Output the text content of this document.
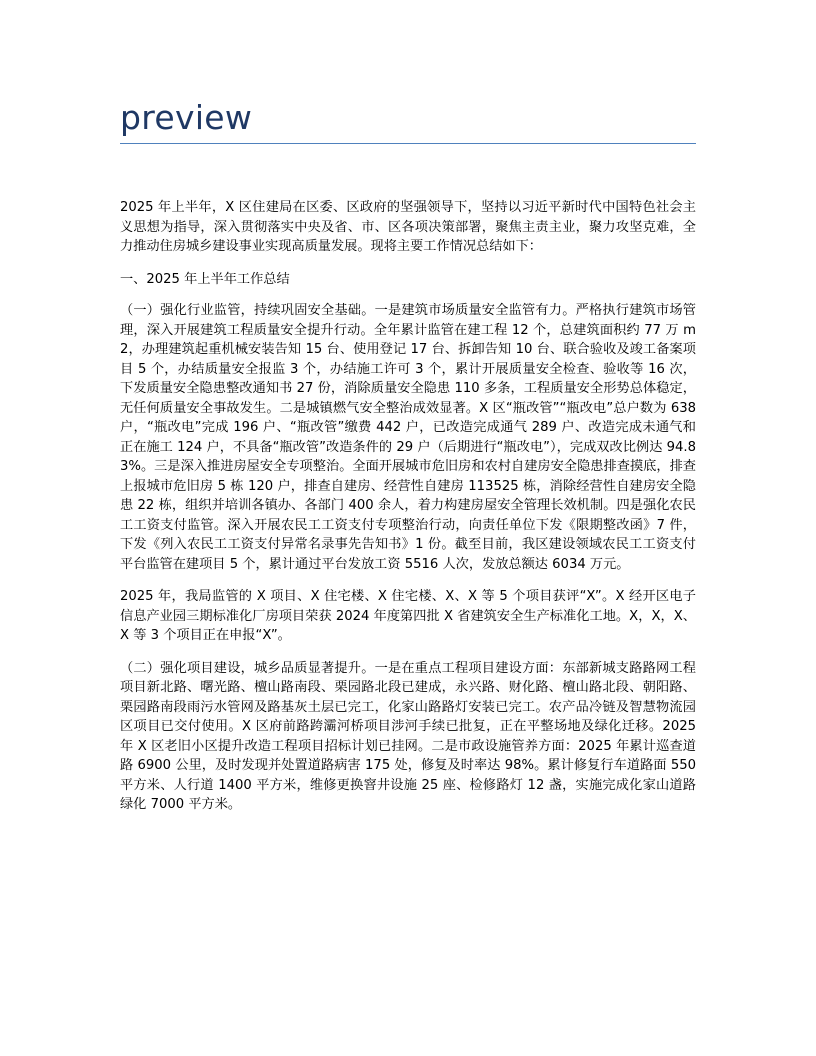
preview

2025 年上半年，X 区住建局在区委、区政府的坚强领导下，坚持以习近平新时代中国特色社会主义思想为指导，深入贯彻落实中央及省、市、区各项决策部署，聚焦主责主业，聚力攻坚克难，全力推动住房城乡建设事业实现高质量发展。现将主要工作情况总结如下：

一、2025 年上半年工作总结

（一）强化行业监管，持续巩固安全基础。一是建筑市场质量安全监管有力。严格执行建筑市场管理，深入开展建筑工程质量安全提升行动。全年累计监管在建工程 12 个，总建筑面积约 77 万 m2，办理建筑起重机械安装告知 15 台、使用登记 17 台、拆卸告知 10 台、联合验收及竣工备案项目 5 个，办结质量安全报监 3 个，办结施工许可 3 个，累计开展质量安全检查、验收等 16 次，下发质量安全隐患整改通知书 27 份，消除质量安全隐患 110 多条，工程质量安全形势总体稳定，无任何质量安全事故发生。二是城镇燃气安全整治成效显著。X 区“瓶改管”“瓶改电”总户数为 638 户，“瓶改电”完成 196 户、“瓶改管”缴费 442 户，已改造完成通气 289 户、改造完成未通气和正在施工 124 户，不具备“瓶改管”改造条件的 29 户（后期进行“瓶改电”），完成双改比例达 94.83%。三是深入推进房屋安全专项整治。全面开展城市危旧房和农村自建房安全隐患排查摸底，排查上报城市危旧房 5 栋 120 户，排查自建房、经营性自建房 113525 栋，消除经营性自建房安全隐患 22 栋，组织并培训各镇办、各部门 400 余人，着力构建房屋安全管理长效机制。四是强化农民工工资支付监管。深入开展农民工工资支付专项整治行动，向责任单位下发《限期整改函》7 件，下发《列入农民工工资支付异常名录事先告知书》1 份。截至目前，我区建设领域农民工工资支付平台监管在建项目 5 个，累计通过平台发放工资 5516 人次，发放总额达 6034 万元。

2025 年，我局监管的 X 项目、X 住宅楼、X 住宅楼、X、X 等 5 个项目获评“X”。X 经开区电子信息产业园三期标准化厂房项目荣获 2024 年度第四批 X 省建筑安全生产标准化工地。X，X，X、X 等 3 个项目正在申报“X”。

（二）强化项目建设，城乡品质显著提升。一是在重点工程项目建设方面：东部新城支路路网工程项目新北路、曙光路、檀山路南段、栗园路北段已建成，永兴路、财化路、檀山路北段、朝阳路、栗园路南段雨污水管网及路基灰土层已完工，化家山路路灯安装已完工。农产品冷链及智慧物流园区项目已交付使用。X 区府前路跨灞河桥项目涉河手续已批复，正在平整场地及绿化迁移。2025 年 X 区老旧小区提升改造工程项目招标计划已挂网。二是市政设施管养方面：2025 年累计巡查道路 6900 公里，及时发现并处置道路病害 175 处，修复及时率达 98%。累计修复行车道路面 550 平方米、人行道 1400 平方米，维修更换窨井设施 25 座、检修路灯 12 盏，实施完成化家山道路绿化 7000 平方米。
